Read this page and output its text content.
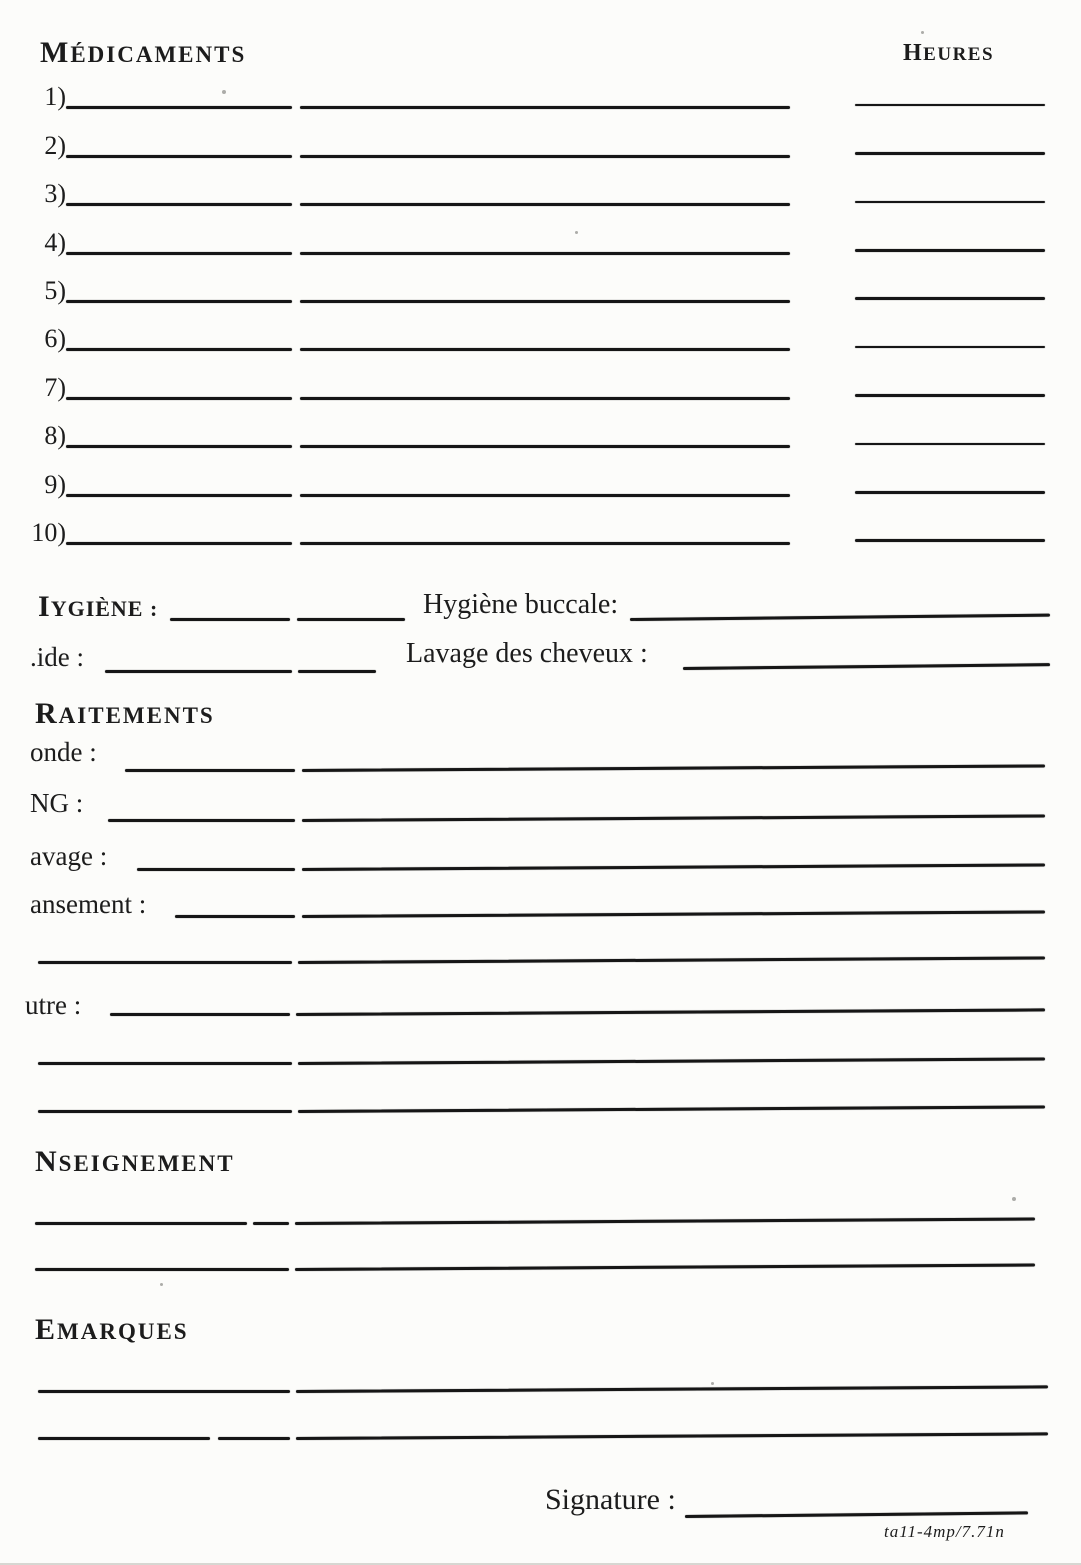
MÉDICAMENTS	HEURES
1)
2)
3)
4)
5)
6)
7)
8)
9)
10)
IYGIÈNE :	Hygiène buccale:
.ide :	Lavage des cheveux :
RAITEMENTS
onde :
NG :
avage :
ansement :
utre :
NSEIGNEMENT
EMARQUES
Signature :
ta11-4mp/7.71n
